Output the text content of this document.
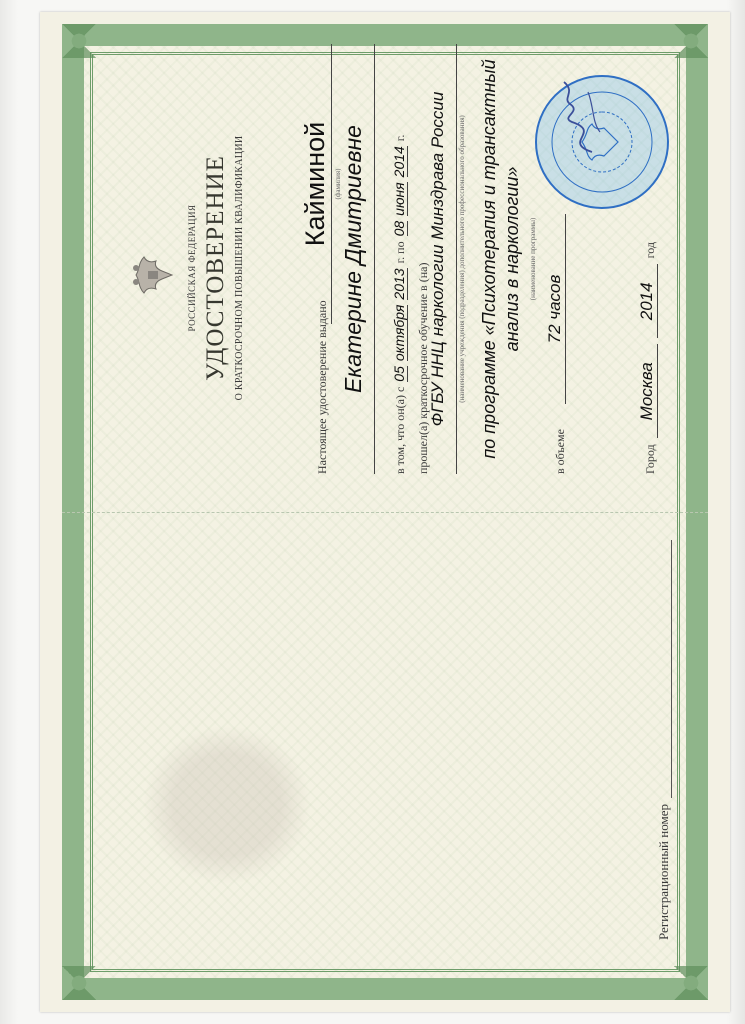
Регистрационный номер
РОССИЙСКАЯ ФЕДЕРАЦИЯ УДОСТОВЕРЕНИЕ О КРАТКОСРОЧНОМ ПОВЫШЕНИИ КВАЛИФИКАЦИИ	Настоящее удостоверение выдано
Кайминой (фамилия)
Екатерине Дмитриевне
в том, что он(а) с
05
октября
2013
г. по
08
июня
2014
г.
прошел(а) краткосрочное обучение в (на)
ФГБУ ННЦ наркологии Минздрава России	(наименование учреждения (подразделения) дополнительного профессионального образования) по программе «Психотерапия и трансактный анализ в наркологии» (наименование программы)
в объеме
72 часов
Город
Москва
2014
год
